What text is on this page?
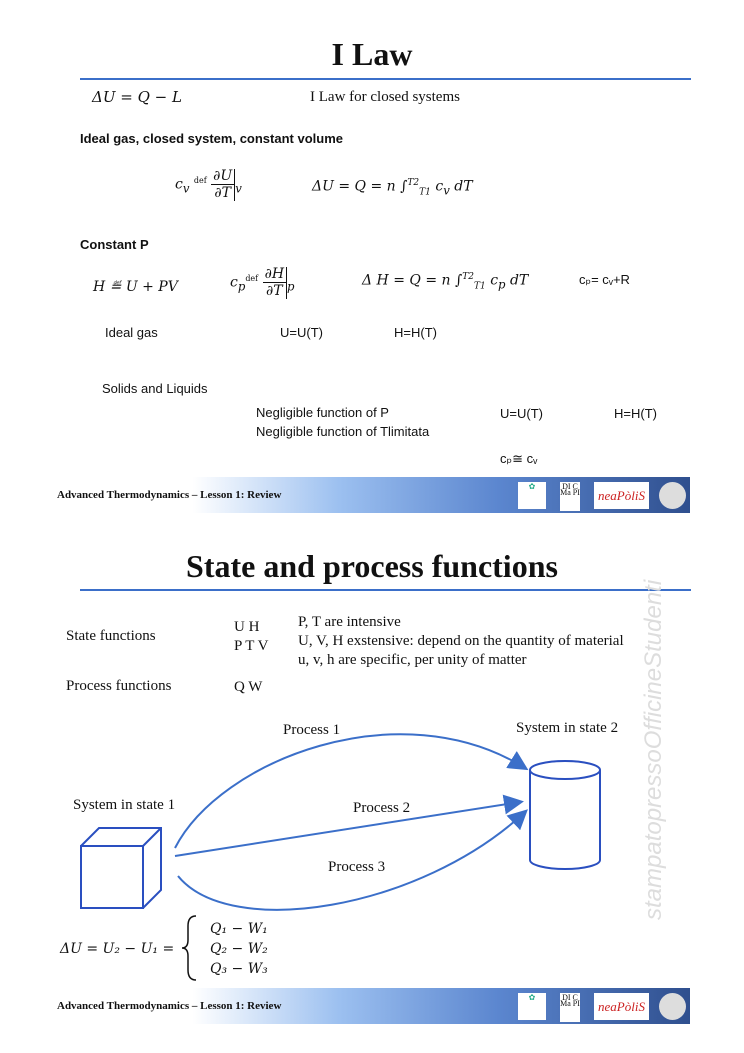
I Law
ΔU = Q − L	I Law for closed systems
Ideal gas, closed system, constant volume
$c_v$ $^{def} \frac{\partial U}{\partial T} _v$	ΔU = Q = n ∫$^{T2}_{T1}$ $c_v$ dT
Constant P
H ≝ U + PV	$c_p^{def} \frac{\partial H}{\partial T} _p$	Δ H = Q = n ∫$^{T2}_{T1}$ $c_p$ dT	cₚ= cᵥ+R
Ideal gas	U=U(T)	H=H(T)
Solids and Liquids
Negligible function of P
Negligible function of Tlimitata
U=U(T)	H=H(T)
cₚ≅ cᵥ
Advanced Thermodynamics – Lesson 1: Review
✿	DI C Ma PI	neaPòliS
State and process functions
State functions
U H
P T V
P, T are intensive
U, V, H exstensive: depend on the quantity of material
u, v, h are specific, per unity of matter
Process functions	Q W
Process 1	System in state 2
System in state 1	Process 2
Process 3
ΔU = U₂ − U₁ =
Q₁ − W₁
Q₂ − W₂
Q₃ − W₃
stampatopressoOfficineStudenti
Advanced Thermodynamics – Lesson 1: Review
✿	DI C Ma PI	neaPòliS
